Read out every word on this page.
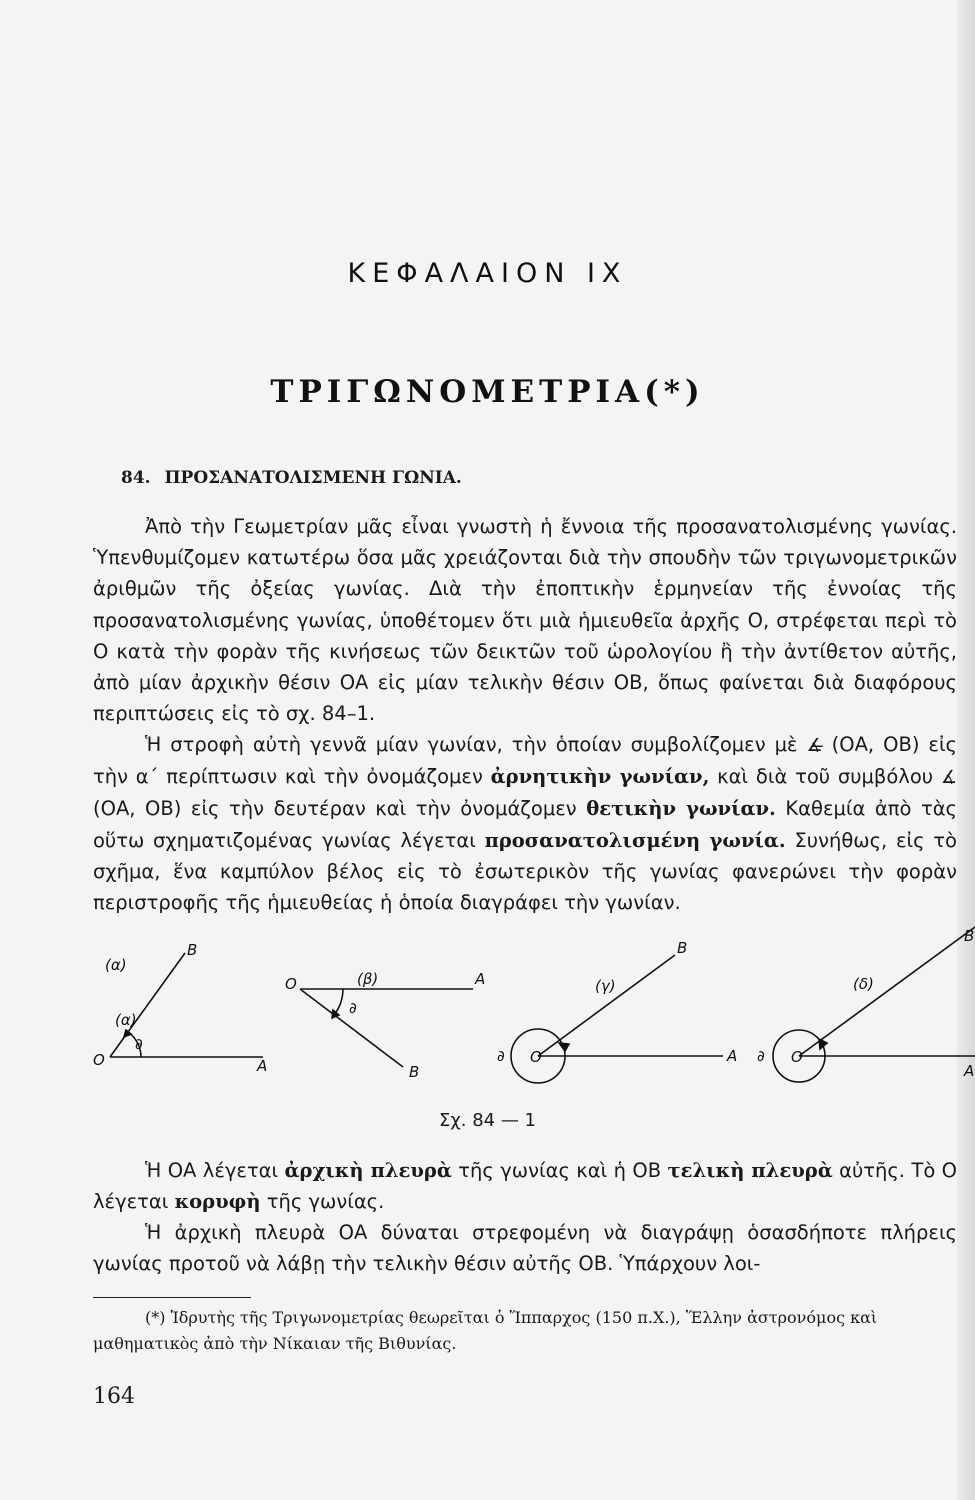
ΚΕΦΑΛΑΙΟΝ ΙΧ
ΤΡΙΓΩΝΟΜΕΤΡΙΑ(*)
84. ΠΡΟΣΑΝΑΤΟΛΙΣΜΕΝΗ ΓΩΝΙΑ.

Ἀπὸ τὴν Γεωμετρίαν μᾶς εἶναι γνωστὴ ἡ ἔννοια τῆς προσανατολισμένης γωνίας. Ὑπενθυμίζομεν κατωτέρω ὅσα μᾶς χρειάζονται διὰ τὴν σπουδὴν τῶν τριγωνομετρικῶν ἀριθμῶν τῆς ὀξείας γωνίας. Διὰ τὴν ἐποπτικὴν ἑρμηνείαν τῆς ἐννοίας τῆς προσανατολισμένης γωνίας, ὑποθέτομεν ὅτι μιὰ ἡμιευθεῖα ἀρχῆς Ο, στρέφεται περὶ τὸ Ο κατὰ τὴν φορὰν τῆς κινήσεως τῶν δεικτῶν τοῦ ὡρολογίου ἢ τὴν ἀντίθετον αὐτῆς, ἀπὸ μίαν ἀρχικὴν θέσιν ΟΑ εἰς μίαν τελικὴν θέσιν ΟΒ, ὅπως φαίνεται διὰ διαφόρους περιπτώσεις εἰς τὸ σχ. 84–1.

Ἡ στροφὴ αὐτὴ γεννᾶ μίαν γωνίαν, τὴν ὁποίαν συμβολίζομεν μὲ ∡̶ (ΟΑ, ΟΒ) εἰς τὴν α΄ περίπτωσιν καὶ τὴν ὀνομάζομεν ἀρνητικὴν γωνίαν, καὶ διὰ τοῦ συμβόλου ∡ (ΟΑ, ΟΒ) εἰς τὴν δευτέραν καὶ τὴν ὀνομάζομεν θετικὴν γωνίαν. Καθεμία ἀπὸ τὰς οὕτω σχηματιζομένας γωνίας λέγεται προσανατολισμένη γωνία. Συνήθως, εἰς τὸ σχῆμα, ἕνα καμπύλον βέλος εἰς τὸ ἐσωτερικὸν τῆς γωνίας φανερώνει τὴν φορὰν περιστροφῆς τῆς ἡμιευθείας ἡ ὁποία διαγράφει τὴν γωνίαν.

(α)
(α)
∂
O	A
B
(β)
∂
O	A
B
(γ)
∂ O	A
B
(δ)
∂ O
A
B
Σχ. 84 — 1

Ἡ ΟΑ λέγεται ἀρχικὴ πλευρὰ τῆς γωνίας καὶ ἡ ΟΒ τελικὴ πλευρὰ αὐτῆς. Τὸ Ο λέγεται κορυφὴ τῆς γωνίας.

Ἡ ἀρχικὴ πλευρὰ ΟΑ δύναται στρεφομένη νὰ διαγράψῃ ὁσασδήποτε πλήρεις γωνίας προτοῦ νὰ λάβῃ τὴν τελικὴν θέσιν αὐτῆς ΟΒ. Ὑπάρχουν λοι-

(*) Ἱδρυτὴς τῆς Τριγωνομετρίας θεωρεῖται ὁ Ἵππαρχος (150 π.Χ.), Ἕλλην ἀστρονόμος καὶ μαθηματικὸς ἀπὸ τὴν Νίκαιαν τῆς Βιθυνίας.

164
